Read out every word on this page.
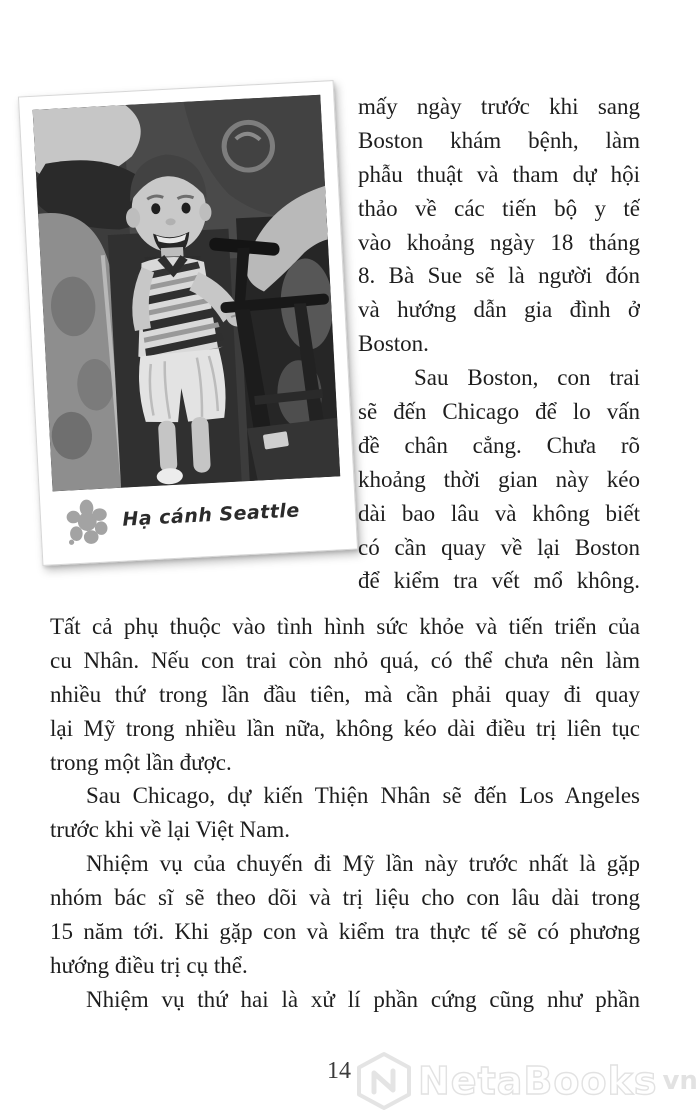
Hạ cánh Seattle
mấy ngày trước khi sang
Boston khám bệnh, làm
phẫu thuật và tham dự hội
thảo về các tiến bộ y tế
vào khoảng ngày 18 tháng
8. Bà Sue sẽ là người đón
và hướng dẫn gia đình ở
Boston.
Sau Boston, con trai
sẽ đến Chicago để lo vấn
đề chân cẳng. Chưa rõ
khoảng thời gian này kéo
dài bao lâu và không biết
có cần quay về lại Boston
để kiểm tra vết mổ không.
Tất cả phụ thuộc vào tình hình sức khỏe và tiến triển của
cu Nhân. Nếu con trai còn nhỏ quá, có thể chưa nên làm
nhiều thứ trong lần đầu tiên, mà cần phải quay đi quay
lại Mỹ trong nhiều lần nữa, không kéo dài điều trị liên tục
trong một lần được.
Sau Chicago, dự kiến Thiện Nhân sẽ đến Los Angeles
trước khi về lại Việt Nam.
Nhiệm vụ của chuyến đi Mỹ lần này trước nhất là gặp
nhóm bác sĩ sẽ theo dõi và trị liệu cho con lâu dài trong
15 năm tới. Khi gặp con và kiểm tra thực tế sẽ có phương
hướng điều trị cụ thể.
Nhiệm vụ thứ hai là xử lí phần cứng cũng như phần
14 NetaBooks vn
